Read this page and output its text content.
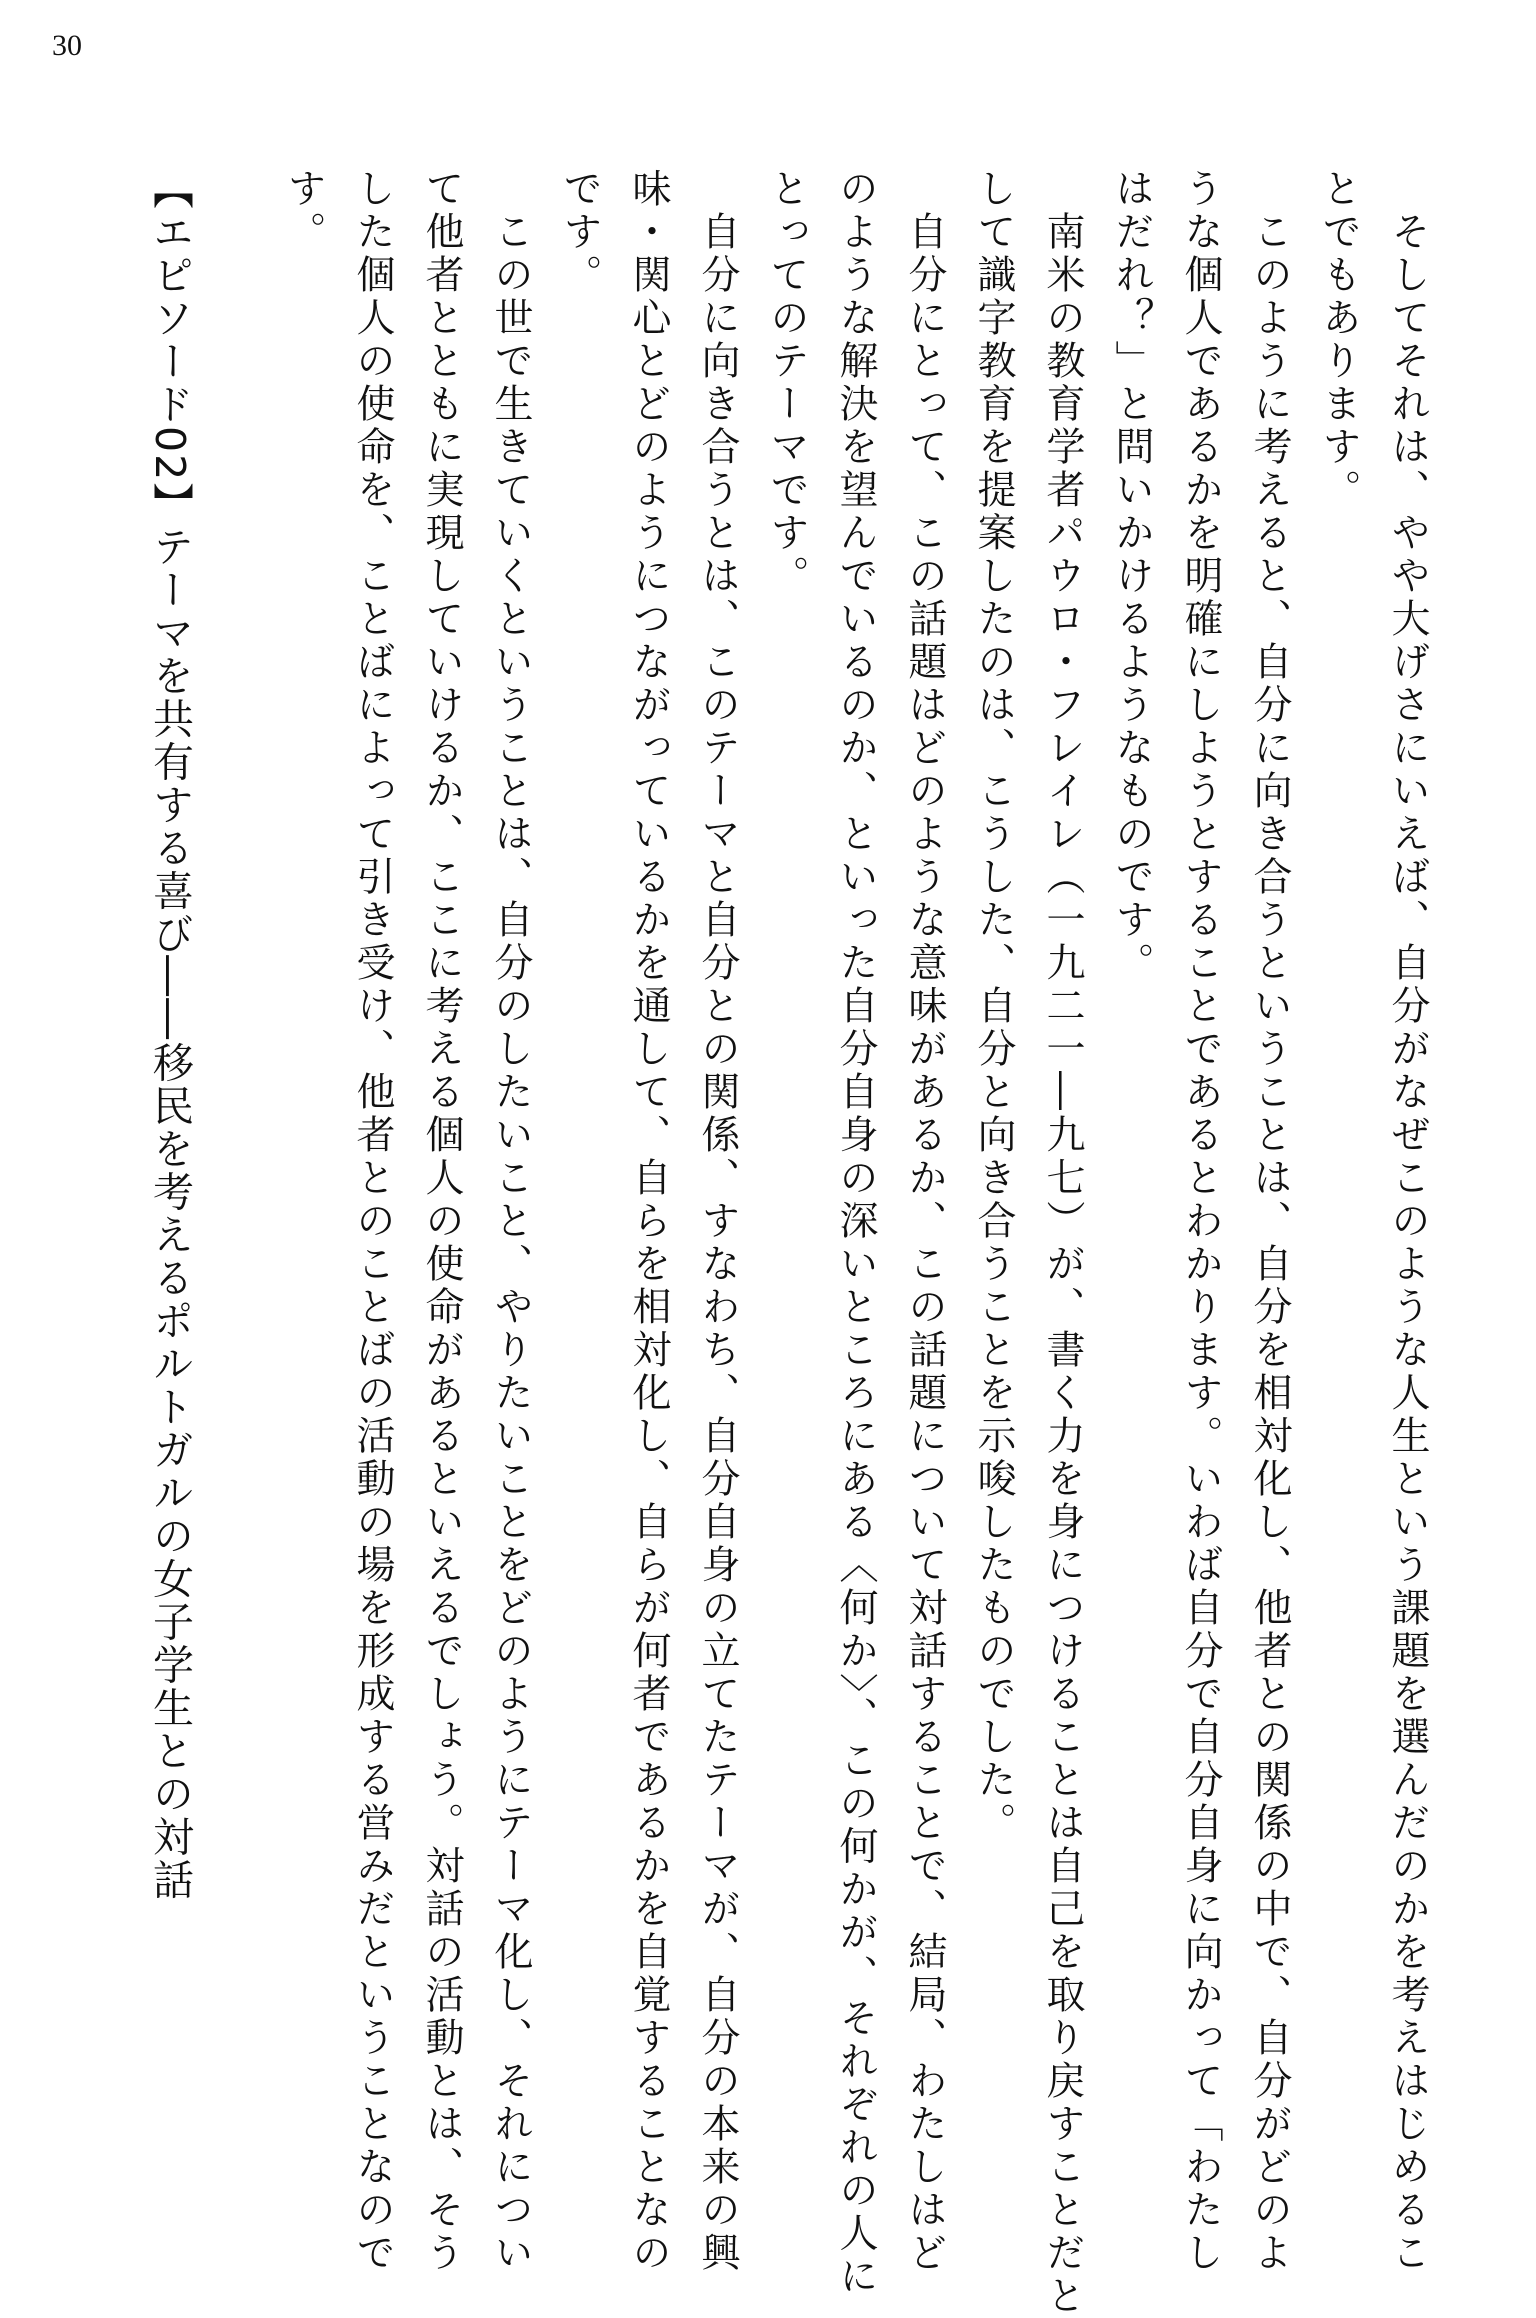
30
　そしてそれは、やや大げさにいえば、自分がなぜこのような人生という課題を選んだのかを考えはじめるこ
とでもあります。
　このように考えると、自分に向き合うということは、自分を相対化し、他者との関係の中で、自分がどのよ
うな個人であるかを明確にしようとすることであるとわかります。いわば自分で自分自身に向かって「わたし
はだれ？」と問いかけるようなものです。
　南米の教育学者パウロ・フレイレ（一九二一―九七）が、書く力を身につけることは自己を取り戻すことだと
して識字教育を提案したのは、こうした、自分と向き合うことを示唆したものでした。
　自分にとって、この話題はどのような意味があるか、この話題について対話することで、結局、わたしはど
のような解決を望んでいるのか、といった自分自身の深いところにある〈何か〉、この何かが、それぞれの人に
とってのテーマです。
　自分に向き合うとは、このテーマと自分との関係、すなわち、自分自身の立てたテーマが、自分の本来の興
味・関心とどのようにつながっているかを通して、自らを相対化し、自らが何者であるかを自覚することなの
です。
　この世で生きていくということは、自分のしたいこと、やりたいことをどのようにテーマ化し、それについ
て他者とともに実現していけるか、ここに考える個人の使命があるといえるでしょう。対話の活動とは、そう
した個人の使命を、ことばによって引き受け、他者とのことばの活動の場を形成する営みだということなので
す。
【エピソード02】テーマを共有する喜び――移民を考えるポルトガルの女子学生との対話
